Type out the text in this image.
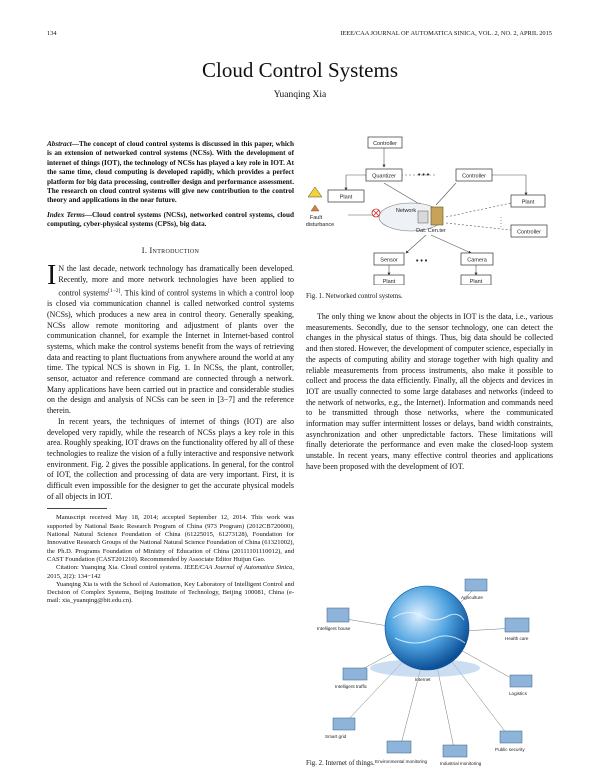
134	IEEE/CAA JOURNAL OF AUTOMATICA SINICA, VOL. 2, NO. 2, APRIL 2015
Cloud Control Systems
Yuanqing Xia
Abstract—The concept of cloud control systems is discussed in this paper, which is an extension of networked control systems (NCSs). With the development of internet of things (IOT), the technology of NCSs has played a key role in IOT. At the same time, cloud computing is developed rapidly, which provides a perfect platform for big data processing, controller design and performance assessment. The research on cloud control systems will give new contribution to the control theory and applications in the near future.
Index Terms—Cloud control systems (NCSs), networked control systems, cloud computing, cyber-physical systems (CPSs), big data.
I. Introduction

IN the last decade, network technology has dramatically been developed. Recently, more and more network technologies have been applied to control systems[1−2]. This kind of control systems in which a control loop is closed via communication channel is called networked control systems (NCSs), which produces a new area in control theory. Generally speaking, NCSs allow remote monitoring and adjustment of plants over the communication channel, for example the Internet in Internet-based control systems, which make the control systems benefit from the ways of retrieving data and reacting to plant fluctuations from anywhere around the world at any time. The typical NCS is shown in Fig. 1. In NCSs, the plant, controller, sensor, actuator and reference command are connected through a network. Many applications have been carried out in practice and considerable studies on the design and analysis of NCSs can be seen in [3−7] and the reference therein.

In recent years, the techniques of internet of things (IOT) are also developed very rapidly, while the research of NCSs plays a key role in this area. Roughly speaking, IOT draws on the functionality offered by all of these technologies to realize the vision of a fully interactive and responsive network environment. Fig. 2 gives the possible applications. In general, for the control of IOT, the collection and processing of data are very important. First, it is difficult even impossible for the designer to get the accurate physical models of all objects in IOT.

Manuscript received May 18, 2014; accepted September 12, 2014. This work was supported by National Basic Research Program of China (973 Program) (2012CB720000), National Natural Science Foundation of China (61225015, 61273128), Foundation for Innovative Research Groups of the National Natural Science Foundation of China (61321002), the Ph.D. Programs Foundation of Ministry of Education of China (20111101110012), and CAST Foundation (CAST201210). Recommended by Associate Editor Huijun Gao.

Citation: Yuanqing Xia. Cloud control systems. IEEE/CAA Journal of Automatica Sinica, 2015, 2(2): 134−142

Yuanqing Xia is with the School of Automation, Key Laboratory of Intelligent Control and Decision of Complex Systems, Beijing Institute of Technology, Beijing 100081, China (e-mail: xia_yuanqing@bit.edu.cn).

Controller
Quantizer	Controller
Plant
Plant
Controller
Fault
disturbance
Network
Dat. Cen.ter
Sensor	Camera
Plant	Plant
• • •
• • •
Fig. 1. Networked control systems.

The only thing we know about the objects in IOT is the data, i.e., various measurements. Secondly, due to the sensor technology, one can detect the changes in the physical status of things. Thus, big data should be collected and then stored. However, the development of computer science, especially in the aspects of computing ability and storage together with high quality and reliable measurements from process instruments, also make it possible to collect and process the data efficiently. Finally, all the objects and devices in IOT are usually connected to some large databases and networks (indeed to the network of networks, e.g., the Internet). Information and commands need to be transmitted through those networks, where the communicated information may suffer intermittent losses or delays, band width constraints, asynchronization and other unpredictable factors. These limitations will finally deteriorate the performance and even make the closed-loop system unstable. In recent years, many effective control theories and applications have been proposed with the development of IOT.

Intelligent house
Intelligent traffic
Internet
Smart grid
Environmental monitoring	Industrial monitoring
Public security
Logistics
Health care
Agriculture
Fig. 2. Internet of things.
